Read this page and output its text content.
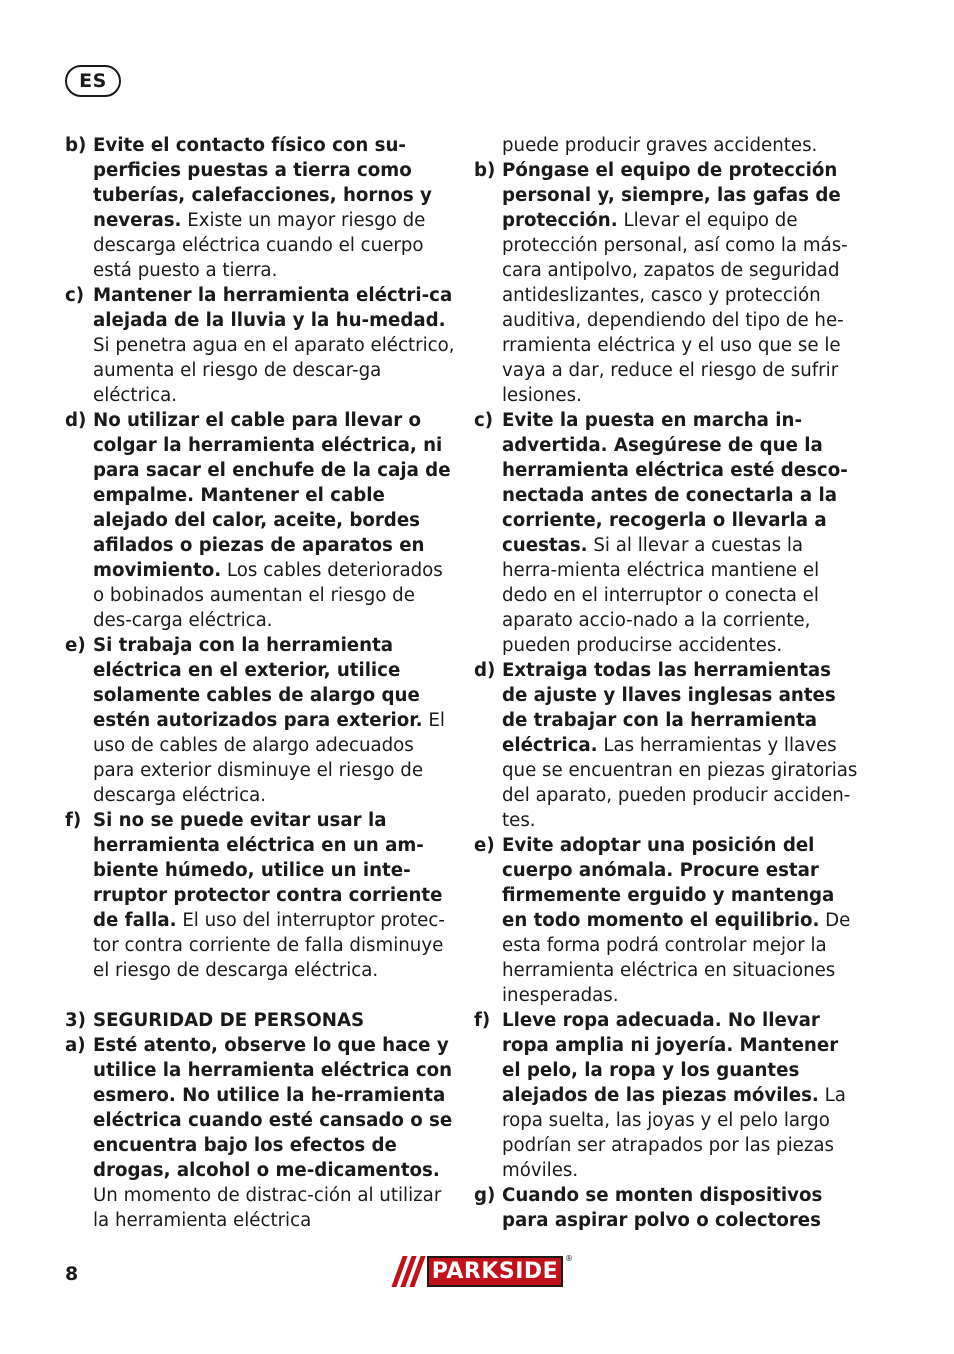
ES
b) Evite el contacto físico con su-perficies puestas a tierra como tuberías, calefacciones, hornos y neveras. Existe un mayor riesgo de descarga eléctrica cuando el cuerpo está puesto a tierra.
c) Mantener la herramienta eléctri-ca alejada de la lluvia y la hu-medad. Si penetra agua en el aparato eléctrico, aumenta el riesgo de descar-ga eléctrica.
d) No utilizar el cable para llevar o colgar la herramienta eléctrica, ni para sacar el enchufe de la caja de empalme. Mantener el cable alejado del calor, aceite, bordes afilados o piezas de aparatos en movimiento. Los cables deteriorados o bobinados aumentan el riesgo de des-carga eléctrica.
e) Si trabaja con la herramienta eléctrica en el exterior, utilice solamente cables de alargo que estén autorizados para exterior. El uso de cables de alargo adecuados para exterior disminuye el riesgo de descarga eléctrica.
f) Si no se puede evitar usar la herramienta eléctrica en un am-biente húmedo, utilice un inte-rruptor protector contra corriente de falla. El uso del interruptor protec-tor contra corriente de falla disminuye el riesgo de descarga eléctrica.
3) SEGURIDAD DE PERSONAS
a) Esté atento, observe lo que hace y utilice la herramienta eléctrica con esmero. No utilice la he-rramienta eléctrica cuando esté cansado o se encuentra bajo los efectos de drogas, alcohol o me-dicamentos. Un momento de distrac-ción al utilizar la herramienta eléctrica
puede producir graves accidentes.
b) Póngase el equipo de protección personal y, siempre, las gafas de protección. Llevar el equipo de protección personal, así como la más-cara antipolvo, zapatos de seguridad antideslizantes, casco y protección auditiva, dependiendo del tipo de he-rramienta eléctrica y el uso que se le vaya a dar, reduce el riesgo de sufrir lesiones.
c) Evite la puesta en marcha in-advertida. Asegúrese de que la herramienta eléctrica esté desco-nectada antes de conectarla a la corriente, recogerla o llevarla a cuestas. Si al llevar a cuestas la herra-mienta eléctrica mantiene el dedo en el interruptor o conecta el aparato accio-nado a la corriente, pueden producirse accidentes.
d) Extraiga todas las herramientas de ajuste y llaves inglesas antes de trabajar con la herramienta eléctrica. Las herramientas y llaves que se encuentran en piezas giratorias del aparato, pueden producir acciden-tes.
e) Evite adoptar una posición del cuerpo anómala. Procure estar firmemente erguido y mantenga en todo momento el equilibrio. De esta forma podrá controlar mejor la herramienta eléctrica en situaciones inesperadas.
f) Lleve ropa adecuada. No llevar ropa amplia ni joyería. Mantener el pelo, la ropa y los guantes alejados de las piezas móviles. La ropa suelta, las joyas y el pelo largo podrían ser atrapados por las piezas móviles.
g) Cuando se monten dispositivos para aspirar polvo o colectores
8	PARKSIDE
®
